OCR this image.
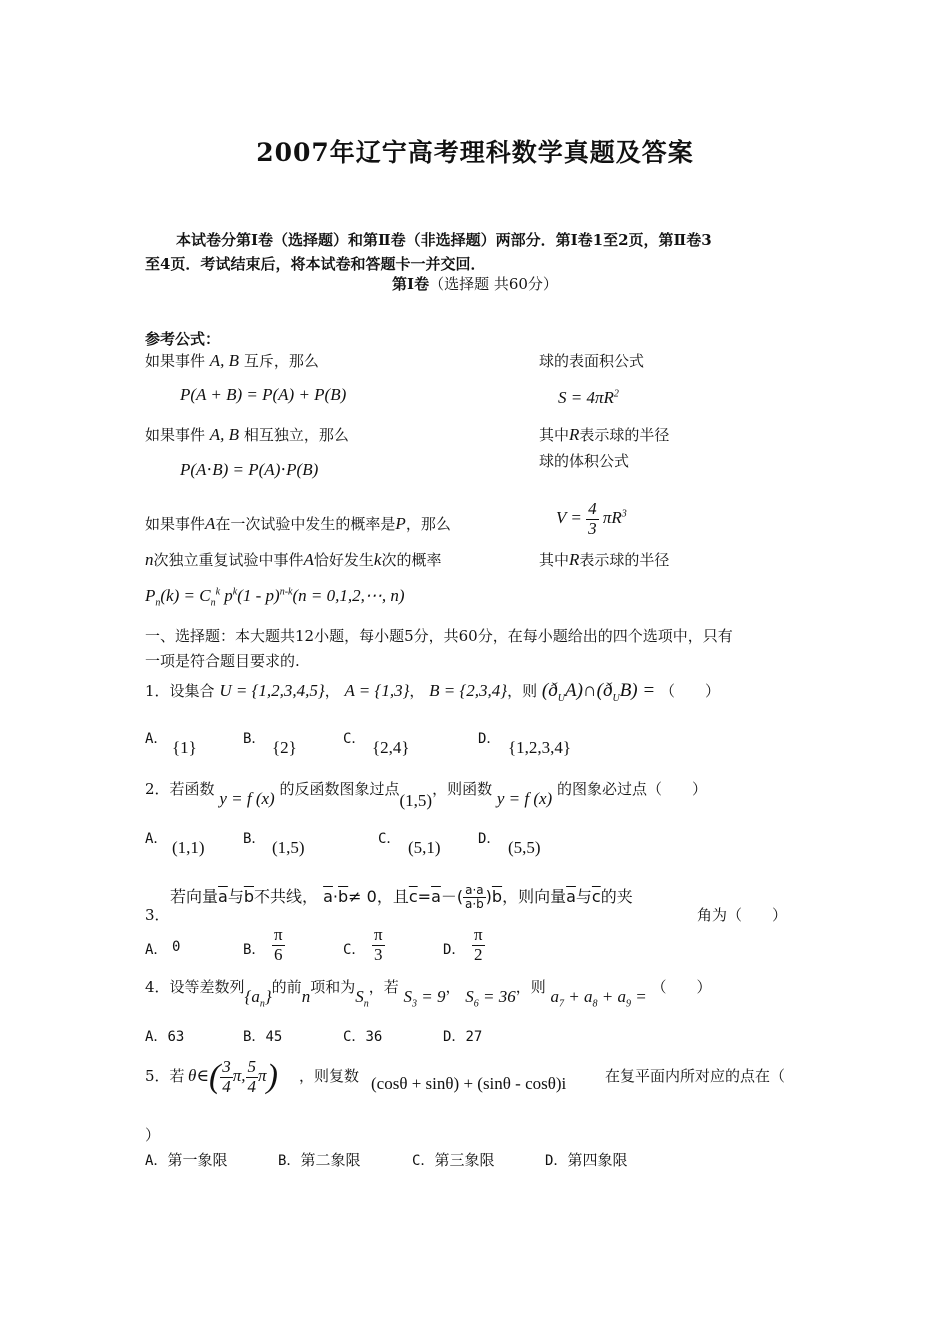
2007年辽宁高考理科数学真题及答案
本试卷分第Ⅰ卷（选择题）和第Ⅱ卷（非选择题）两部分．第Ⅰ卷1至2页，第Ⅱ卷3
至4页．考试结束后，将本试卷和答题卡一并交回．
第Ⅰ卷（选择题 共60分）
参考公式：
如果事件 A, B 互斥，那么
P(A + B) = P(A) + P(B)
如果事件 A, B 相互独立，那么
P(A⋅B) = P(A)⋅P(B)
如果事件A在一次试验中发生的概率是P，那么
n次独立重复试验中事件A恰好发生k次的概率
$P_n(k) = C_n^k$ $p^k(1 - p)^{n-k}(n$ = 0,1,2,⋯, n)
球的表面积公式
$S = 4\pi R^2$
其中R表示球的半径
球的体积公式
$V = \frac{4}{3} \pi R^3$
其中R表示球的半径
一、选择题：本大题共12小题，每小题5分，共60分，在每小题给出的四个选项中，只有
一项是符合题目要求的.
1．设集合 U = {1,2,3,4,5}， A = {1,3}， B = {2,3,4}，则 $(ð_UA)\cap(ð_UB)$ = （　　）
A． {1}	B． {2}	C． {2,4}	D． {1,2,3,4}
2．若函数 y = f (x) 的反函数图象过点(1,5)，则函数 y = f (x) 的图象必过点（　　）
A． (1,1)	B． (1,5)	C． (5,1)	D． (5,5)
3．
若向量$\overline{a}$与$\overline{b}$不共线， $\overline{a}\cdot\overline{b}\ne 0$，且$\overline{c}=\overline{a}-( \frac{a\cdot a}{a\cdot b} )\overline{b}$，则向量$\overline{a}$与$\overline{c}$的夹
角为（　　）
A． 0	B． $\frac{\pi}{6}$	C． $\frac{\pi}{3}$	D． $\frac{\pi}{2}$
4．设等差数列$\{a_n\}$的前n项和为$S_n$，若 $S_3 = 9$， $S_6 = 36$，则 $a_7 + a_8 + a_9$ = （　　）
A．63	B．45	C．36	D．27
5．若 θ∈( $\frac{3}{4} \pi$, $\frac{5}{4} \pi$) ，则复数 (cosθ + sinθ) + (sinθ - cosθ)i	在复平面内所对应的点在（
）
A．第一象限	B．第二象限	C．第三象限	D．第四象限
